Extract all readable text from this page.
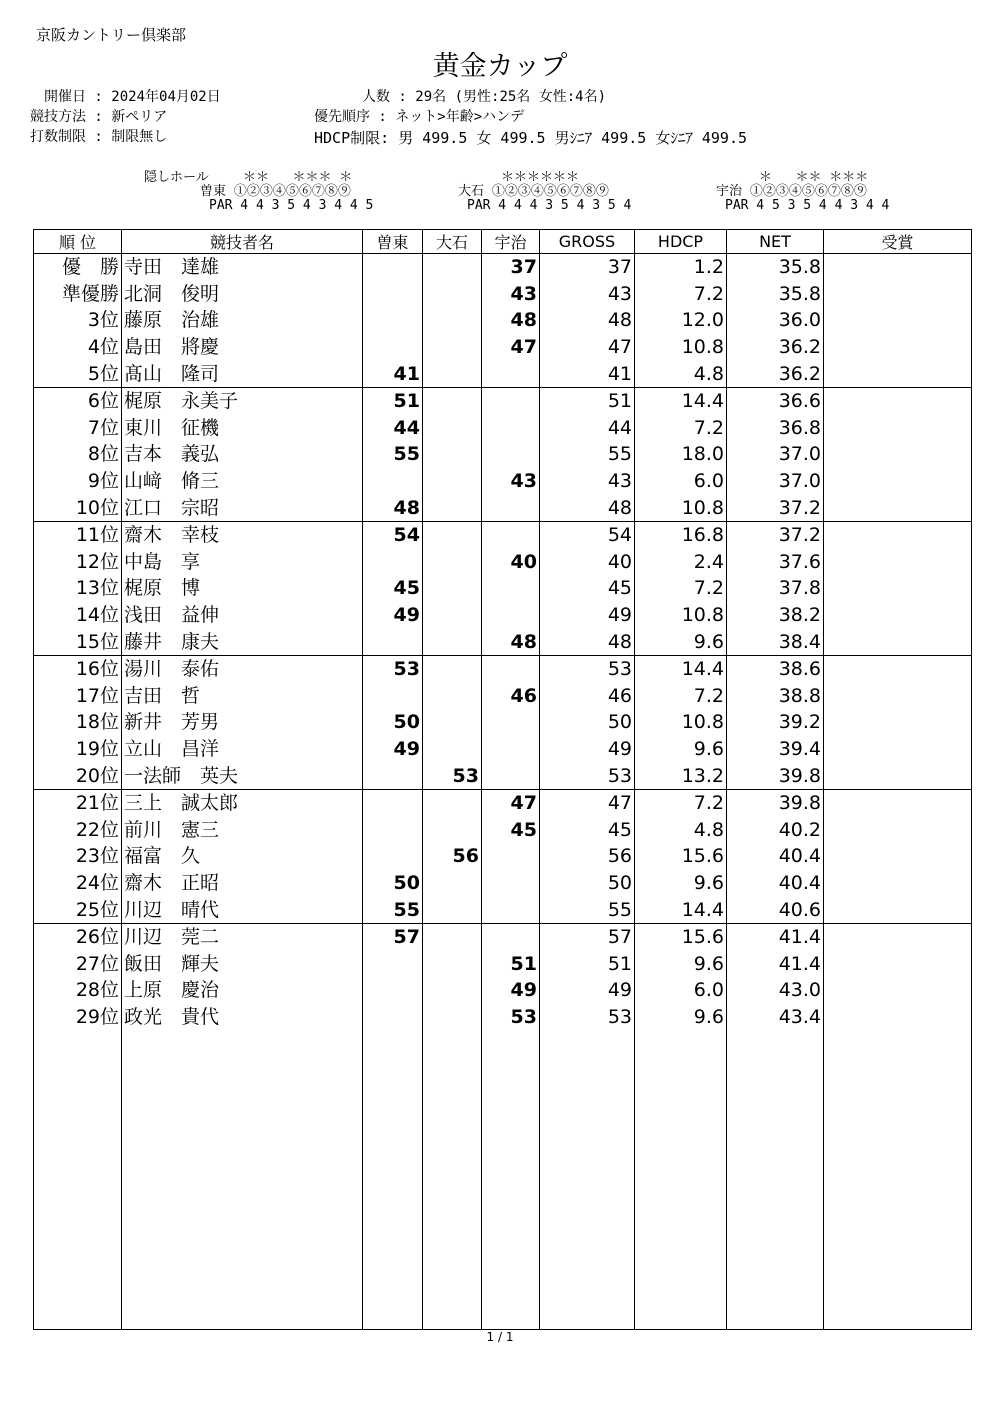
京阪カントリー倶楽部
黄金カップ
開催日 : 2024年04月02日
競技方法 : 新ペリア
打数制限 : 制限無し
人数 : 29名 (男性:25名 女性:4名)
優先順序 : ネット>年齢>ハンデ
HDCP制限: 男 499.5 女 499.5 男ｼﾆｱ 499.5 女ｼﾆｱ 499.5
隠しホール	＊＊   ＊＊＊ ＊
曽東 ①②③④⑤⑥⑦⑧⑨
PAR 4 4 3 5 4 3 4 4 5
＊＊＊＊＊＊
大石 ①②③④⑤⑥⑦⑧⑨
PAR 4 4 4 3 5 4 3 5 4
＊   ＊＊ ＊＊＊
宇治 ①②③④⑤⑥⑦⑧⑨
PAR 4 5 3 5 4 4 3 4 4
順 位	競技者名	曽東	大石	宇治	GROSS	HDCP	NET	受賞
優　勝	寺田　達雄			37	37	1.2	35.8	
準優勝	北洞　俊明			43	43	7.2	35.8	
3位	藤原　治雄			48	48	12.0	36.0	
4位	島田　將慶			47	47	10.8	36.2	
5位	髙山　隆司	41			41	4.8	36.2	
6位	梶原　永美子	51			51	14.4	36.6	
7位	東川　征機	44			44	7.2	36.8	
8位	吉本　義弘	55			55	18.0	37.0	
9位	山﨑　脩三			43	43	6.0	37.0	
10位	江口　宗昭	48			48	10.8	37.2	
11位	齋木　幸枝	54			54	16.8	37.2	
12位	中島　享			40	40	2.4	37.6	
13位	梶原　博	45			45	7.2	37.8	
14位	浅田　益伸	49			49	10.8	38.2	
15位	藤井　康夫			48	48	9.6	38.4	
16位	湯川　泰佑	53			53	14.4	38.6	
17位	吉田　哲			46	46	7.2	38.8	
18位	新井　芳男	50			50	10.8	39.2	
19位	立山　昌洋	49			49	9.6	39.4	
20位	一法師　英夫		53		53	13.2	39.8	
21位	三上　誠太郎			47	47	7.2	39.8	
22位	前川　憲三			45	45	4.8	40.2	
23位	福富　久		56		56	15.6	40.4	
24位	齋木　正昭	50			50	9.6	40.4	
25位	川辺　晴代	55			55	14.4	40.6	
26位	川辺　莞二	57			57	15.6	41.4	
27位	飯田　輝夫			51	51	9.6	41.4	
28位	上原　慶治			49	49	6.0	43.0	
29位	政光　貴代			53	53	9.6	43.4	

1 / 1
